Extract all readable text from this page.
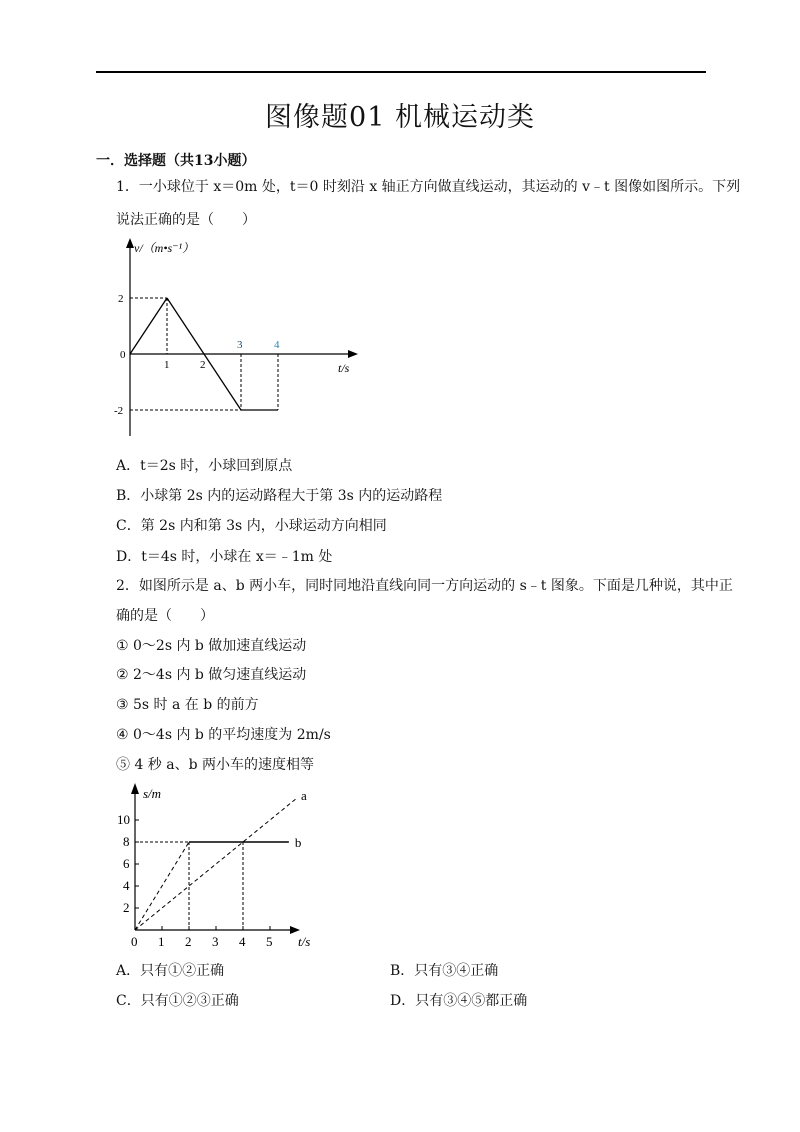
图像题01 机械运动类
一．选择题（共13小题）
1．一小球位于 x＝0m 处，t＝0 时刻沿 x 轴正方向做直线运动，其运动的 v﹣t 图像如图所示。下列
说法正确的是（　　）
v/（m•s⁻¹）
t/s
0
1	2
3	4
2
-2
A．t＝2s 时，小球回到原点
B．小球第 2s 内的运动路程大于第 3s 内的运动路程
C．第 2s 内和第 3s 内，小球运动方向相同
D．t＝4s 时，小球在 x＝﹣1m 处
2．如图所示是 a、b 两小车，同时同地沿直线向同一方向运动的 s﹣t 图象。下面是几种说，其中正
确的是（　　）
① 0～2s 内 b 做加速直线运动
② 2～4s 内 b 做匀速直线运动
③ 5s 时 a 在 b 的前方
④ 0～4s 内 b 的平均速度为 2m/s
⑤ 4 秒 a、b 两小车的速度相等
s/m
t/s
0 1 2 3 4 5
2
4
6
8
10
a
b
A．只有①②正确	B．只有③④正确
C．只有①②③正确	D．只有③④⑤都正确
